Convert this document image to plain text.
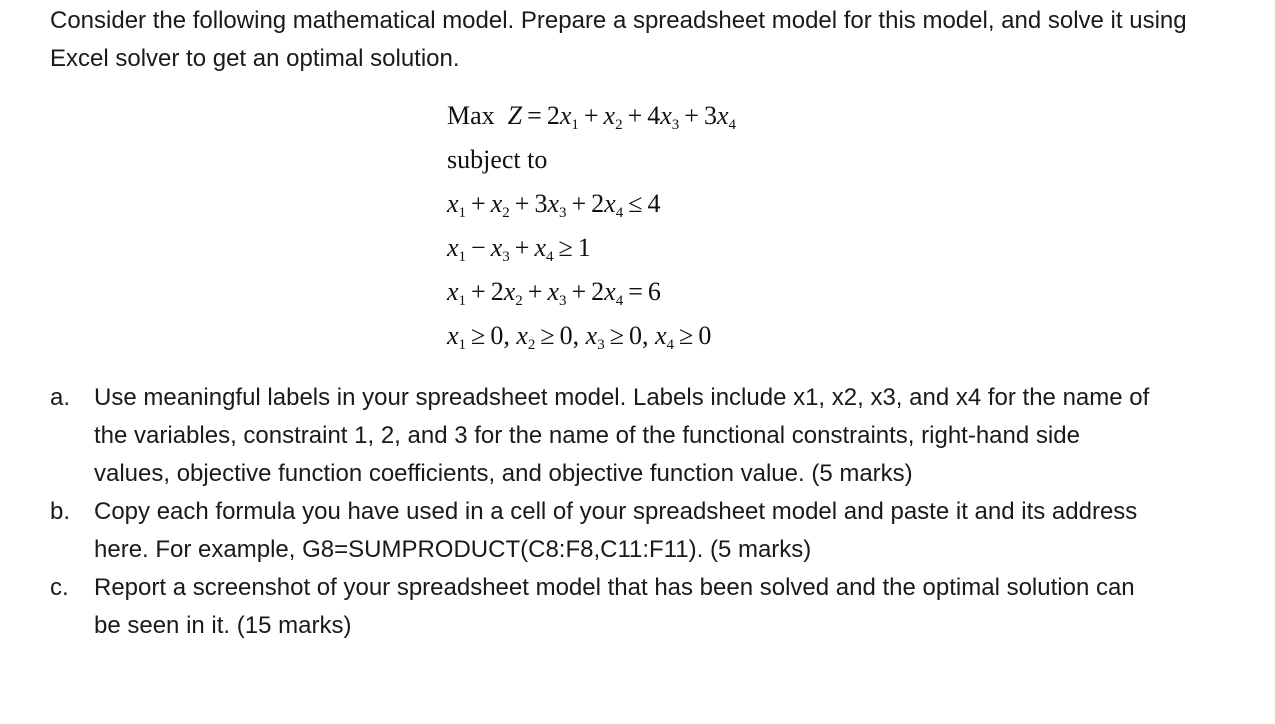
Consider the following mathematical model. Prepare a spreadsheet model for this model, and solve it using Excel solver to get an optimal solution.

Max $Z = 2x_1 + x_2 + 4x_3 + 3x_4$
subject to
$x_1 + x_2 + 3x_3 + 2x_4 \le 4$
$x_1 - x_3 + x_4 \ge 1$
$x_1 + 2x_2 + x_3 + 2x_4 = 6$
$x_1 \ge 0$, $x_2 \ge 0$, $x_3 \ge 0$, $x_4 \ge 0$
a. Use meaningful labels in your spreadsheet model. Labels include x1, x2, x3, and x4 for the name of the variables, constraint 1, 2, and 3 for the name of the functional constraints, right-hand side values, objective function coefficients, and objective function value. (5 marks)
b. Copy each formula you have used in a cell of your spreadsheet model and paste it and its address here. For example, G8=SUMPRODUCT(C8:F8,C11:F11). (5 marks)
c. Report a screenshot of your spreadsheet model that has been solved and the optimal solution can be seen in it. (15 marks)
